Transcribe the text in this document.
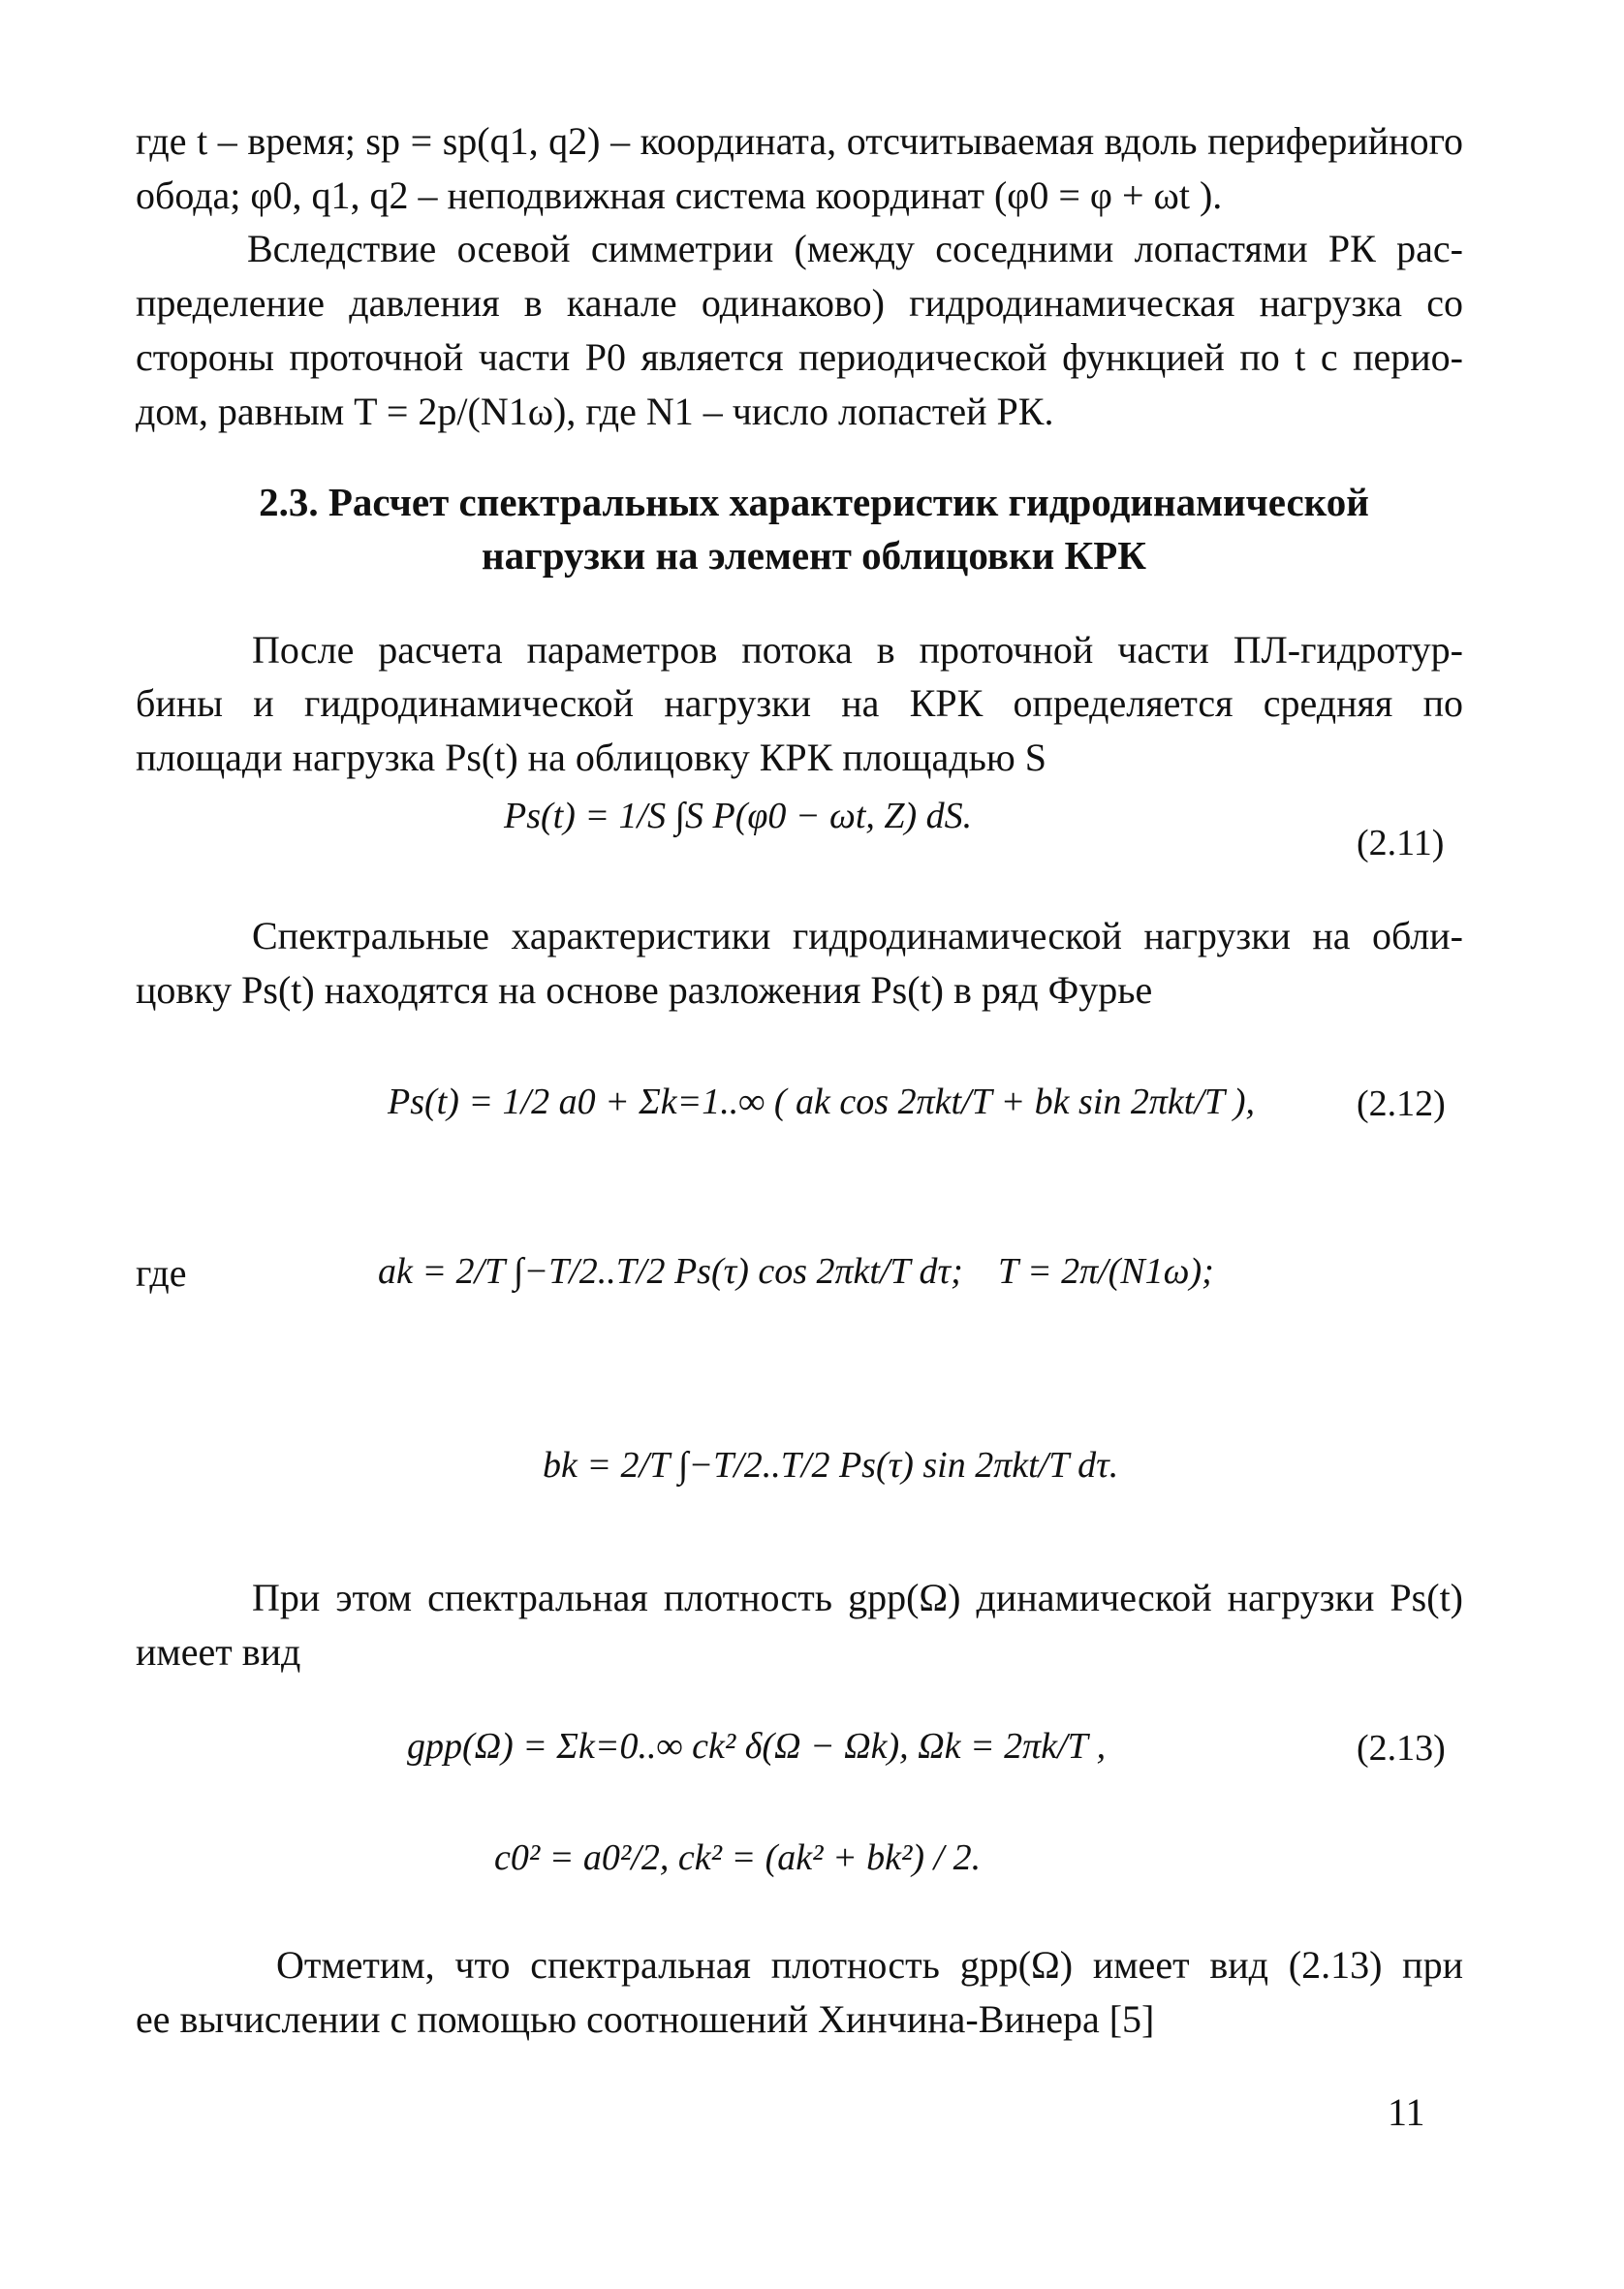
где t – время; sp = sp(q1, q2) – координата, отсчитываемая вдоль периферийного
обода; φ0, q1, q2 – неподвижная система координат (φ0 = φ + ωt ).
Вследствие осевой симметрии (между соседними лопастями РК рас-
пределение давления в канале одинаково) гидродинамическая нагрузка со
стороны проточной части P0 является периодической функцией по t с перио-
дом, равным T = 2p/(N1ω), где N1 – число лопастей РК.
2.3. Расчет спектральных характеристик гидродинамической
нагрузки на элемент облицовки КРК
После расчета параметров потока в проточной части ПЛ-гидротур-
бины и гидродинамической нагрузки на КРК определяется средняя по
площади нагрузка Ps(t) на облицовку КРК площадью S
Ps(t) = 1/S ∫S P(φ0 − ωt, Z) dS.
(2.11)
Спектральные характеристики гидродинамической нагрузки на обли-
цовку Ps(t) находятся на основе разложения Ps(t) в ряд Фурье
Ps(t) = 1/2 a0 + Σk=1..∞ ( ak cos 2πkt/T + bk sin 2πkt/T ),	(2.12)
где	ak = 2/T ∫−T/2..T/2 Ps(τ) cos 2πkt/T dτ; T = 2π/(N1ω);
bk = 2/T ∫−T/2..T/2 Ps(τ) sin 2πkt/T dτ.
При этом спектральная плотность gpp(Ω) динамической нагрузки Ps(t)
имеет вид
gpp(Ω) = Σk=0..∞ ck² δ(Ω − Ωk), Ωk = 2πk/T ,	(2.13)
c0² = a0²/2, ck² = (ak² + bk²) / 2.
Отметим, что спектральная плотность gpp(Ω) имеет вид (2.13) при
ее вычислении с помощью соотношений Хинчина-Винера [5]
11
